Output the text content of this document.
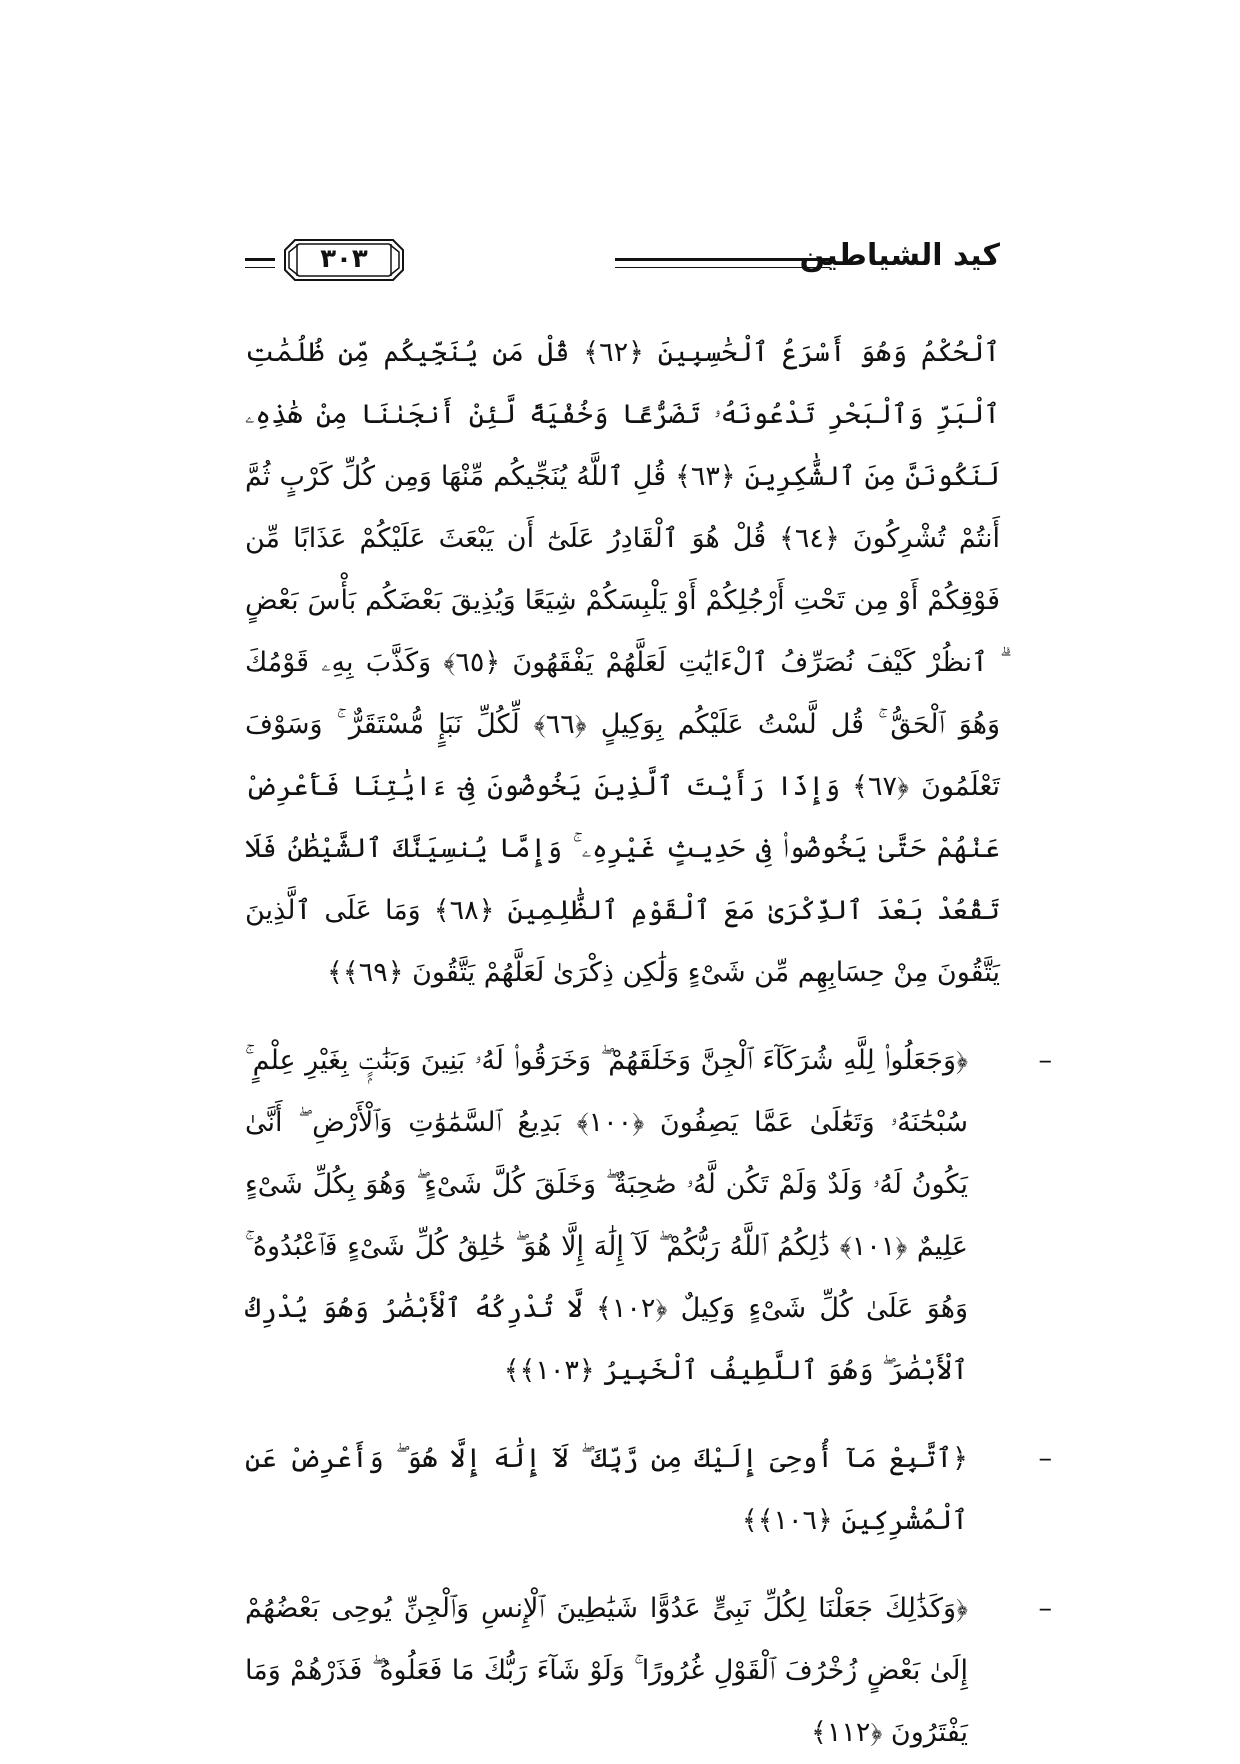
كيد الشياطين
٣٠٣

ٱلْحُكْمُ وَهُوَ أَسْرَعُ ٱلْحَٰسِبِينَ ﴿٦٢﴾ قُلْ مَن يُنَجِّيكُم مِّن ظُلُمَٰتِ ٱلْبَرِّ وَٱلْبَحْرِ تَدْعُونَهُۥ تَضَرُّعًا وَخُفْيَةً لَّئِنْ أَنجَىٰنَا مِنْ هَٰذِهِۦ لَنَكُونَنَّ مِنَ ٱلشَّٰكِرِينَ ﴿٦٣﴾ قُلِ ٱللَّهُ يُنَجِّيكُم مِّنْهَا وَمِن كُلِّ كَرْبٍ ثُمَّ أَنتُمْ تُشْرِكُونَ ﴿٦٤﴾ قُلْ هُوَ ٱلْقَادِرُ عَلَىٰٓ أَن يَبْعَثَ عَلَيْكُمْ عَذَابًا مِّن فَوْقِكُمْ أَوْ مِن تَحْتِ أَرْجُلِكُمْ أَوْ يَلْبِسَكُمْ شِيَعًا وَيُذِيقَ بَعْضَكُم بَأْسَ بَعْضٍ ۗ ٱنظُرْ كَيْفَ نُصَرِّفُ ٱلْءَايَٰتِ لَعَلَّهُمْ يَفْقَهُونَ ﴿٦٥﴾ وَكَذَّبَ بِهِۦ قَوْمُكَ وَهُوَ ٱلْحَقُّ ۚ قُل لَّسْتُ عَلَيْكُم بِوَكِيلٍ ﴿٦٦﴾ لِّكُلِّ نَبَإٍ مُّسْتَقَرٌّ ۚ وَسَوْفَ تَعْلَمُونَ ﴿٦٧﴾ وَإِذَا رَأَيْتَ ٱلَّذِينَ يَخُوضُونَ فِىٓ ءَايَٰتِنَا فَأَعْرِضْ عَنْهُمْ حَتَّىٰ يَخُوضُوا۟ فِى حَدِيثٍ غَيْرِهِۦ ۚ وَإِمَّا يُنسِيَنَّكَ ٱلشَّيْطَٰنُ فَلَا تَقْعُدْ بَعْدَ ٱلذِّكْرَىٰ مَعَ ٱلْقَوْمِ ٱلظَّٰلِمِينَ ﴿٦٨﴾ وَمَا عَلَى ٱلَّذِينَ يَتَّقُونَ مِنْ حِسَابِهِم مِّن شَىْءٍ وَلَٰكِن ذِكْرَىٰ لَعَلَّهُمْ يَتَّقُونَ ﴿٦٩﴾﴾

–

﴿وَجَعَلُوا۟ لِلَّهِ شُرَكَآءَ ٱلْجِنَّ وَخَلَقَهُمْ ۖ وَخَرَقُوا۟ لَهُۥ بَنِينَ وَبَنَٰتٍۭ بِغَيْرِ عِلْمٍ ۚ سُبْحَٰنَهُۥ وَتَعَٰلَىٰ عَمَّا يَصِفُونَ ﴿١٠٠﴾ بَدِيعُ ٱلسَّمَٰوَٰتِ وَٱلْأَرْضِ ۖ أَنَّىٰ يَكُونُ لَهُۥ وَلَدٌ وَلَمْ تَكُن لَّهُۥ صَٰحِبَةٌ ۖ وَخَلَقَ كُلَّ شَىْءٍ ۖ وَهُوَ بِكُلِّ شَىْءٍ عَلِيمٌ ﴿١٠١﴾ ذَٰلِكُمُ ٱللَّهُ رَبُّكُمْ ۖ لَآ إِلَٰهَ إِلَّا هُوَ ۖ خَٰلِقُ كُلِّ شَىْءٍ فَٱعْبُدُوهُ ۚ وَهُوَ عَلَىٰ كُلِّ شَىْءٍ وَكِيلٌ ﴿١٠٢﴾ لَّا تُدْرِكُهُ ٱلْأَبْصَٰرُ وَهُوَ يُدْرِكُ ٱلْأَبْصَٰرَ ۖ وَهُوَ ٱللَّطِيفُ ٱلْخَبِيرُ ﴿١٠٣﴾﴾

–

﴿ٱتَّبِعْ مَآ أُوحِىَ إِلَيْكَ مِن رَّبِّكَ ۖ لَآ إِلَٰهَ إِلَّا هُوَ ۖ وَأَعْرِضْ عَنِ ٱلْمُشْرِكِينَ ﴿١٠٦﴾﴾

–

﴿وَكَذَٰلِكَ جَعَلْنَا لِكُلِّ نَبِىٍّ عَدُوًّا شَيَٰطِينَ ٱلْإِنسِ وَٱلْجِنِّ يُوحِى بَعْضُهُمْ إِلَىٰ بَعْضٍ زُخْرُفَ ٱلْقَوْلِ غُرُورًا ۚ وَلَوْ شَآءَ رَبُّكَ مَا فَعَلُوهُ ۖ فَذَرْهُمْ وَمَا يَفْتَرُونَ ﴿١١٢﴾
